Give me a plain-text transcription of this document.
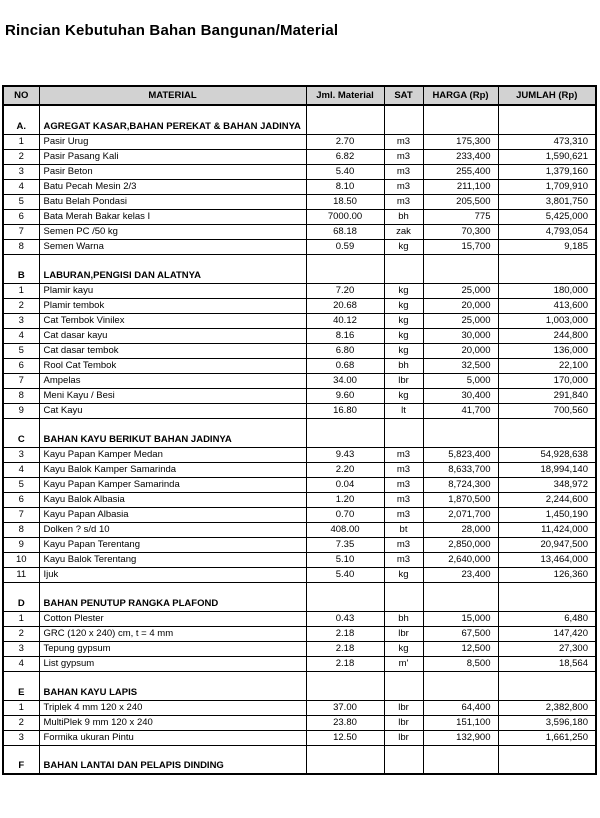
Rincian Kebutuhan Bahan Bangunan/Material
NO	MATERIAL	Jml. Material	SAT	HARGA (Rp)	JUMLAH (Rp)
A.	AGREGAT KASAR,BAHAN PEREKAT & BAHAN JADINYA				
1	Pasir Urug	2.70	m3	175,300	473,310
2	Pasir Pasang Kali	6.82	m3	233,400	1,590,621
3	Pasir Beton	5.40	m3	255,400	1,379,160
4	Batu Pecah Mesin 2/3	8.10	m3	211,100	1,709,910
5	Batu Belah Pondasi	18.50	m3	205,500	3,801,750
6	Bata Merah Bakar kelas I	7000.00	bh	775	5,425,000
7	Semen PC /50 kg	68.18	zak	70,300	4,793,054
8	Semen Warna	0.59	kg	15,700	9,185
B	LABURAN,PENGISI DAN ALATNYA				
1	Plamir kayu	7.20	kg	25,000	180,000
2	Plamir tembok	20.68	kg	20,000	413,600
3	Cat Tembok Vinilex	40.12	kg	25,000	1,003,000
4	Cat dasar kayu	8.16	kg	30,000	244,800
5	Cat dasar tembok	6.80	kg	20,000	136,000
6	Rool Cat Tembok	0.68	bh	32,500	22,100
7	Ampelas	34.00	lbr	5,000	170,000
8	Meni Kayu / Besi	9.60	kg	30,400	291,840
9	Cat Kayu	16.80	lt	41,700	700,560
C	BAHAN KAYU BERIKUT BAHAN JADINYA				
3	Kayu Papan Kamper Medan	9.43	m3	5,823,400	54,928,638
4	Kayu Balok Kamper Samarinda	2.20	m3	8,633,700	18,994,140
5	Kayu Papan Kamper Samarinda	0.04	m3	8,724,300	348,972
6	Kayu Balok Albasia	1.20	m3	1,870,500	2,244,600
7	Kayu Papan Albasia	0.70	m3	2,071,700	1,450,190
8	Dolken ? s/d 10	408.00	bt	28,000	11,424,000
9	Kayu Papan Terentang	7.35	m3	2,850,000	20,947,500
10	Kayu Balok Terentang	5.10	m3	2,640,000	13,464,000
11	Ijuk	5.40	kg	23,400	126,360
D	BAHAN PENUTUP RANGKA PLAFOND				
1	Cotton Plester	0.43	bh	15,000	6,480
2	GRC (120 x 240) cm, t = 4 mm	2.18	lbr	67,500	147,420
3	Tepung gypsum	2.18	kg	12,500	27,300
4	List gypsum	2.18	m'	8,500	18,564
E	BAHAN KAYU LAPIS				
1	Triplek 4 mm 120 x 240	37.00	lbr	64,400	2,382,800
2	MultiPlek 9 mm 120 x 240	23.80	lbr	151,100	3,596,180
3	Formika ukuran Pintu	12.50	lbr	132,900	1,661,250
F	BAHAN LANTAI DAN PELAPIS DINDING				
